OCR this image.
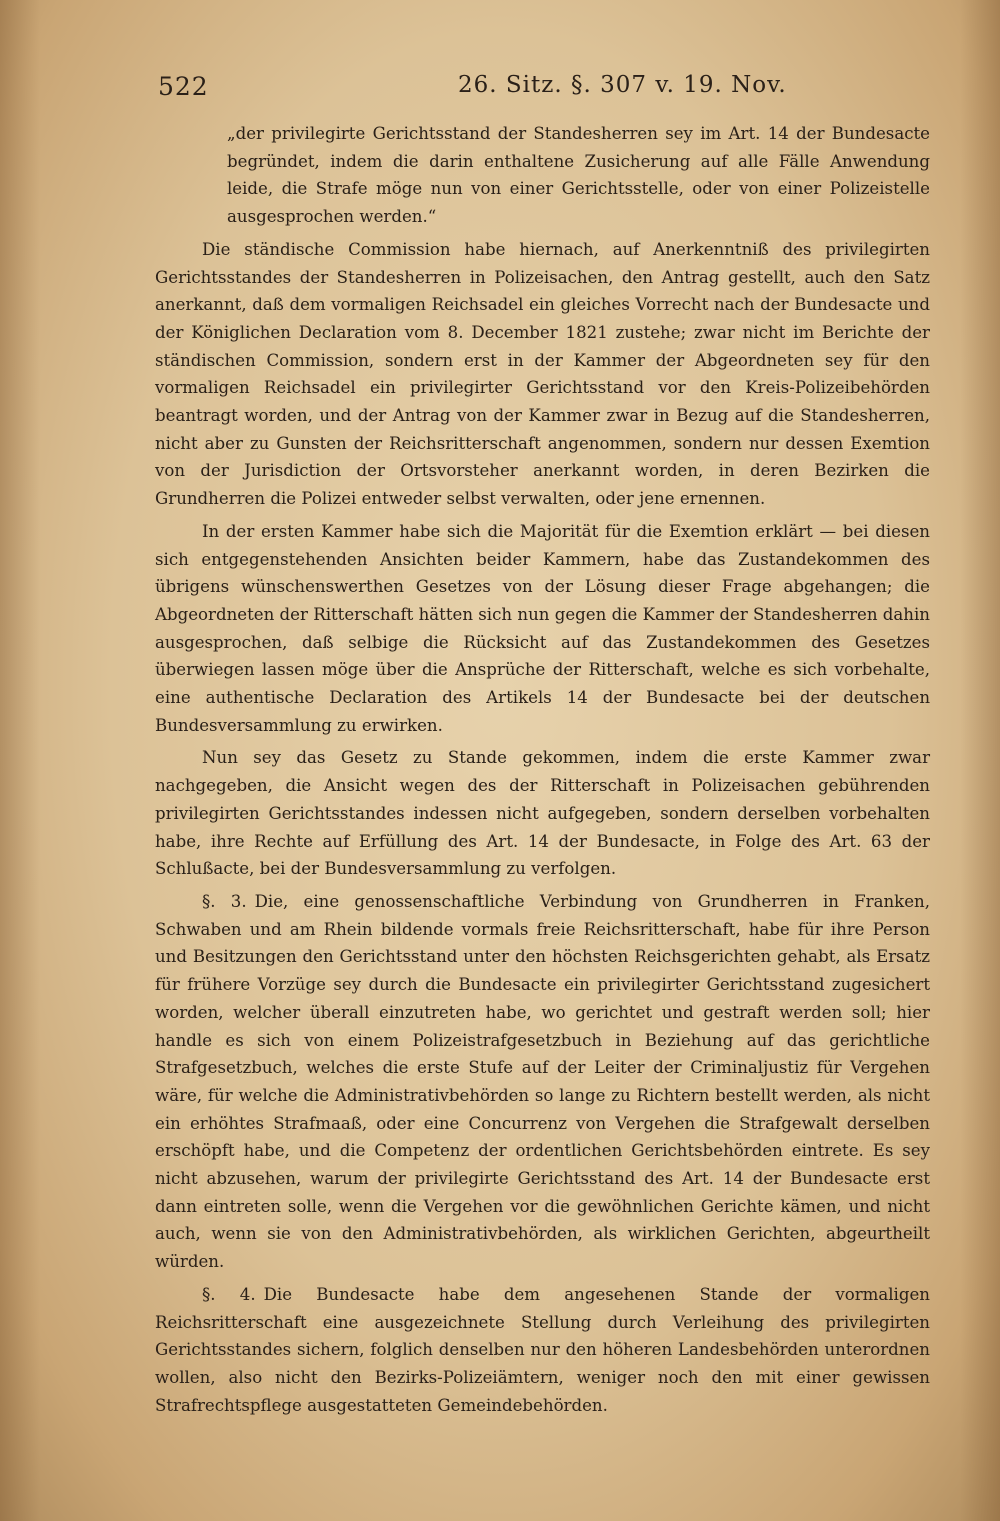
522	26. Sitz. §. 307 v. 19. Nov.

„der privilegirte Gerichtsstand der Standesherren sey im Art. 14 der Bundesacte begründet, indem die darin enthaltene Zusicherung auf alle Fälle Anwendung leide, die Strafe möge nun von einer Gerichtsstelle, oder von einer Polizeistelle ausgesprochen werden.“

Die ständische Commission habe hiernach, auf Anerkenntniß des privilegirten Gerichtsstandes der Standesherren in Polizeisachen, den Antrag gestellt, auch den Satz anerkannt, daß dem vormaligen Reichsadel ein gleiches Vorrecht nach der Bundesacte und der Königlichen Declaration vom 8. December 1821 zustehe; zwar nicht im Berichte der ständischen Commission, sondern erst in der Kammer der Abgeordneten sey für den vormaligen Reichsadel ein privilegirter Gerichtsstand vor den Kreis-Polizeibehörden beantragt worden, und der Antrag von der Kammer zwar in Bezug auf die Standesherren, nicht aber zu Gunsten der Reichsritterschaft angenommen, sondern nur dessen Exemtion von der Jurisdiction der Ortsvorsteher anerkannt worden, in deren Bezirken die Grundherren die Polizei entweder selbst verwalten, oder jene ernennen.

In der ersten Kammer habe sich die Majorität für die Exemtion erklärt — bei diesen sich entgegenstehenden Ansichten beider Kammern, habe das Zustandekommen des übrigens wünschenswerthen Gesetzes von der Lösung dieser Frage abgehangen; die Abgeordneten der Ritterschaft hätten sich nun gegen die Kammer der Standesherren dahin ausgesprochen, daß selbige die Rücksicht auf das Zustandekommen des Gesetzes überwiegen lassen möge über die Ansprüche der Ritterschaft, welche es sich vorbehalte, eine authentische Declaration des Artikels 14 der Bundesacte bei der deutschen Bundesversammlung zu erwirken.

Nun sey das Gesetz zu Stande gekommen, indem die erste Kammer zwar nachgegeben, die Ansicht wegen des der Ritterschaft in Polizeisachen gebührenden privilegirten Gerichtsstandes indessen nicht aufgegeben, sondern derselben vorbehalten habe, ihre Rechte auf Erfüllung des Art. 14 der Bundesacte, in Folge des Art. 63 der Schlußacte, bei der Bundesversammlung zu verfolgen.

§. 3. Die, eine genossenschaftliche Verbindung von Grundherren in Franken, Schwaben und am Rhein bildende vormals freie Reichsritterschaft, habe für ihre Person und Besitzungen den Gerichtsstand unter den höchsten Reichsgerichten gehabt, als Ersatz für frühere Vorzüge sey durch die Bundesacte ein privilegirter Gerichtsstand zugesichert worden, welcher überall einzutreten habe, wo gerichtet und gestraft werden soll; hier handle es sich von einem Polizeistrafgesetzbuch in Beziehung auf das gerichtliche Strafgesetzbuch, welches die erste Stufe auf der Leiter der Criminaljustiz für Vergehen wäre, für welche die Administrativbehörden so lange zu Richtern bestellt werden, als nicht ein erhöhtes Strafmaaß, oder eine Concurrenz von Vergehen die Strafgewalt derselben erschöpft habe, und die Competenz der ordentlichen Gerichtsbehörden eintrete. Es sey nicht abzusehen, warum der privilegirte Gerichtsstand des Art. 14 der Bundesacte erst dann eintreten solle, wenn die Vergehen vor die gewöhnlichen Gerichte kämen, und nicht auch, wenn sie von den Administrativbehörden, als wirklichen Gerichten, abgeurtheilt würden.

§. 4. Die Bundesacte habe dem angesehenen Stande der vormaligen Reichsritterschaft eine ausgezeichnete Stellung durch Verleihung des privilegirten Gerichtsstandes sichern, folglich denselben nur den höheren Landesbehörden unterordnen wollen, also nicht den Bezirks-Polizeiämtern, weniger noch den mit einer gewissen Strafrechtspflege ausgestatteten Gemeindebehörden.
